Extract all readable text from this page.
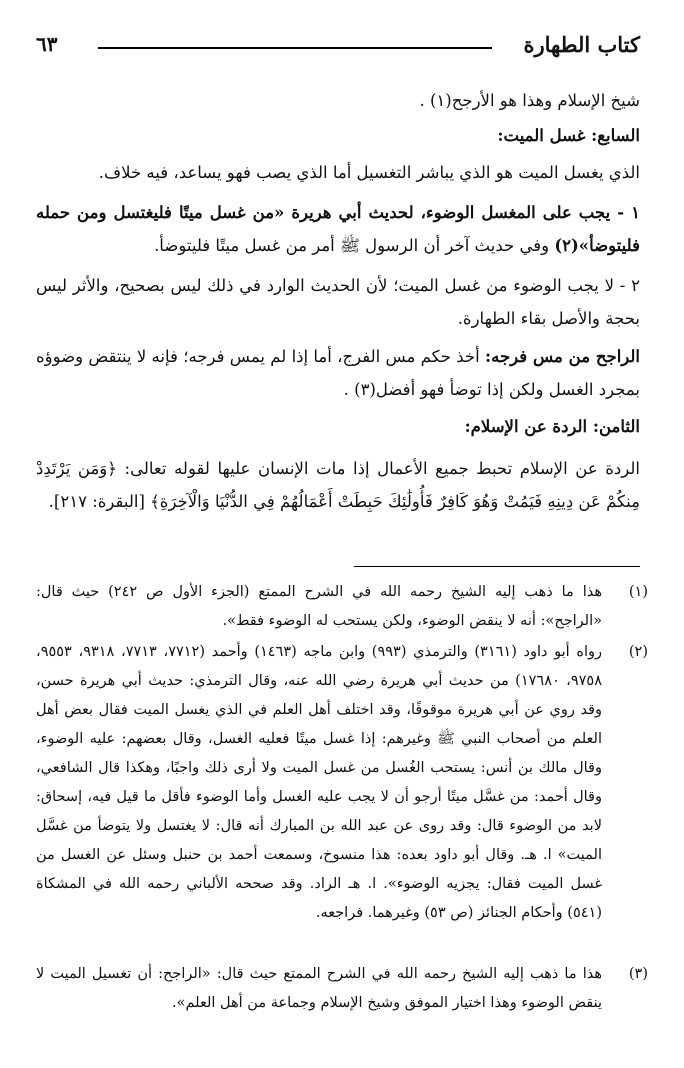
كتاب الطهارة
٦٣
شيخ الإسلام وهذا هو الأرجح(١) .
السابع: غسل الميت:
الذي يغسل الميت هو الذي يباشر التغسيل أما الذي يصب فهو يساعد، فيه خلاف.
١ - يجب على المغسل الوضوء، لحديث أبي هريرة «من غسل ميتًا فليغتسل ومن حمله فليتوضأ»(٢) وفي حديث آخر أن الرسول ﷺ أمر من غسل ميتًا فليتوضأ.
٢ - لا يجب الوضوء من غسل الميت؛ لأن الحديث الوارد في ذلك ليس بصحيح، والأثر ليس بحجة والأصل بقاء الطهارة.
الراجح من مس فرجه: أخذ حكم مس الفرج، أما إذا لم يمس فرجه؛ فإنه لا ينتقض وضوؤه بمجرد الغسل ولكن إذا توضأ فهو أفضل(٣) .
الثامن: الردة عن الإسلام:
الردة عن الإسلام تحبط جميع الأعمال إذا مات الإنسان عليها لقوله تعالى: ﴿وَمَن يَرْتَدِدْ مِنكُمْ عَن دِينِهِ فَيَمُتْ وَهُوَ كَافِرٌ فَأُولَٰئِكَ حَبِطَتْ أَعْمَالُهُمْ فِي الدُّنْيَا وَالْآخِرَةِ﴾ [البقرة: ٢١٧].
(١)
هذا ما ذهب إليه الشيخ رحمه الله في الشرح الممتع (الجزء الأول ص ٢٤٢) حيث قال: «الراجح»: أنه لا ينقض الوضوء، ولكن يستحب له الوضوء فقط».
(٢)
رواه أبو داود (٣١٦١) والترمذي (٩٩٣) وابن ماجه (١٤٦٣) وأحمد (٧٧١٢، ٧٧١٣، ٩٣١٨، ٩٥٥٣، ٩٧٥٨، ١٧٦٨٠) من حديث أبي هريرة رضي الله عنه، وقال الترمذي: حديث أبي هريرة حسن، وقد روي عن أبي هريرة موقوفًا، وقد اختلف أهل العلم في الذي يغسل الميت فقال بعض أهل العلم من أصحاب النبي ﷺ وغيرهم: إذا غسل ميتًا فعليه الغسل، وقال بعضهم: عليه الوضوء، وقال مالك بن أنس: يستحب الغُسل من غسل الميت ولا أرى ذلك واجبًا، وهكذا قال الشافعي، وقال أحمد: من غسَّل ميتًا أرجو أن لا يجب عليه الغسل وأما الوضوء فأقل ما قيل فيه، إسحاق: لابد من الوضوء قال: وقد روى عن عبد الله بن المبارك أنه قال: لا يغتسل ولا يتوضأ من غسَّل الميت» ا. هـ. وقال أبو داود بعده: هذا منسوخ، وسمعت أحمد بن حنبل وسئل عن الغسل من غسل الميت فقال: يجزيه الوضوء». ا. هـ الراد. وقد صححه الألباني رحمه الله في المشكاة (٥٤١) وأحكام الجنائز (ص ٥٣) وغيرهما. فراجعه.
(٣)
هذا ما ذهب إليه الشيخ رحمه الله في الشرح الممتع حيث قال: «الراجح: أن تغسيل الميت لا ينقض الوضوء وهذا اختيار الموفق وشيخ الإسلام وجماعة من أهل العلم».
